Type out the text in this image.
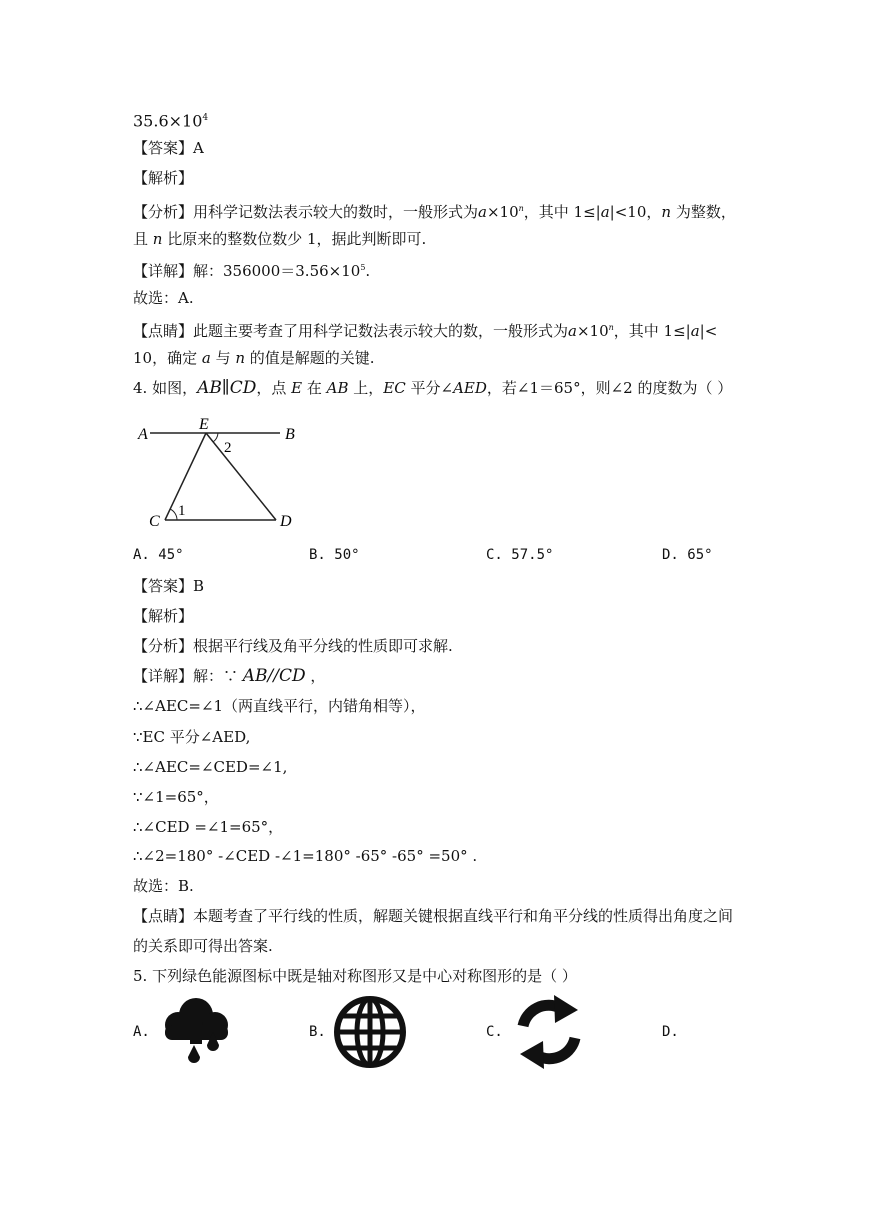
$35.6\times 10^4$
【答案】A
【解析】
【分析】用科学记数法表示较大的数时，一般形式为$a\times 10^n$，其中 1≤|a|<10，n 为整数，
且 n 比原来的整数位数少 1，据此判断即可.
【详解】解：$356000=3.56\times 10^5$.
故选：A.
【点睛】此题主要考查了用科学记数法表示较大的数，一般形式为$a\times 10^n$，其中 1≤|a|<
10，确定 a 与 n 的值是解题的关键.
4. 如图，AB∥CD，点 E 在 AB 上，EC 平分∠AED，若∠1＝65°，则∠2 的度数为（ ）
A
E
B
C	D
1
2
A. 45°	B. 50°	C. 57.5°	D. 65°
【答案】B
【解析】
【分析】根据平行线及角平分线的性质即可求解.
【详解】解：∵ AB//CD ，
∴∠AEC=∠1（两直线平行，内错角相等），
∵EC 平分∠AED,
∴∠AEC=∠CED=∠1,
∵∠1=65°，
∴∠CED =∠1=65°，
∴∠2=180° -∠CED -∠1=180° -65° -65° =50° .
故选：B.
【点睛】本题考查了平行线的性质，解题关键根据直线平行和角平分线的性质得出角度之间
的关系即可得出答案.
5. 下列绿色能源图标中既是轴对称图形又是中心对称图形的是（ ）
A.	B.	C.	D.
